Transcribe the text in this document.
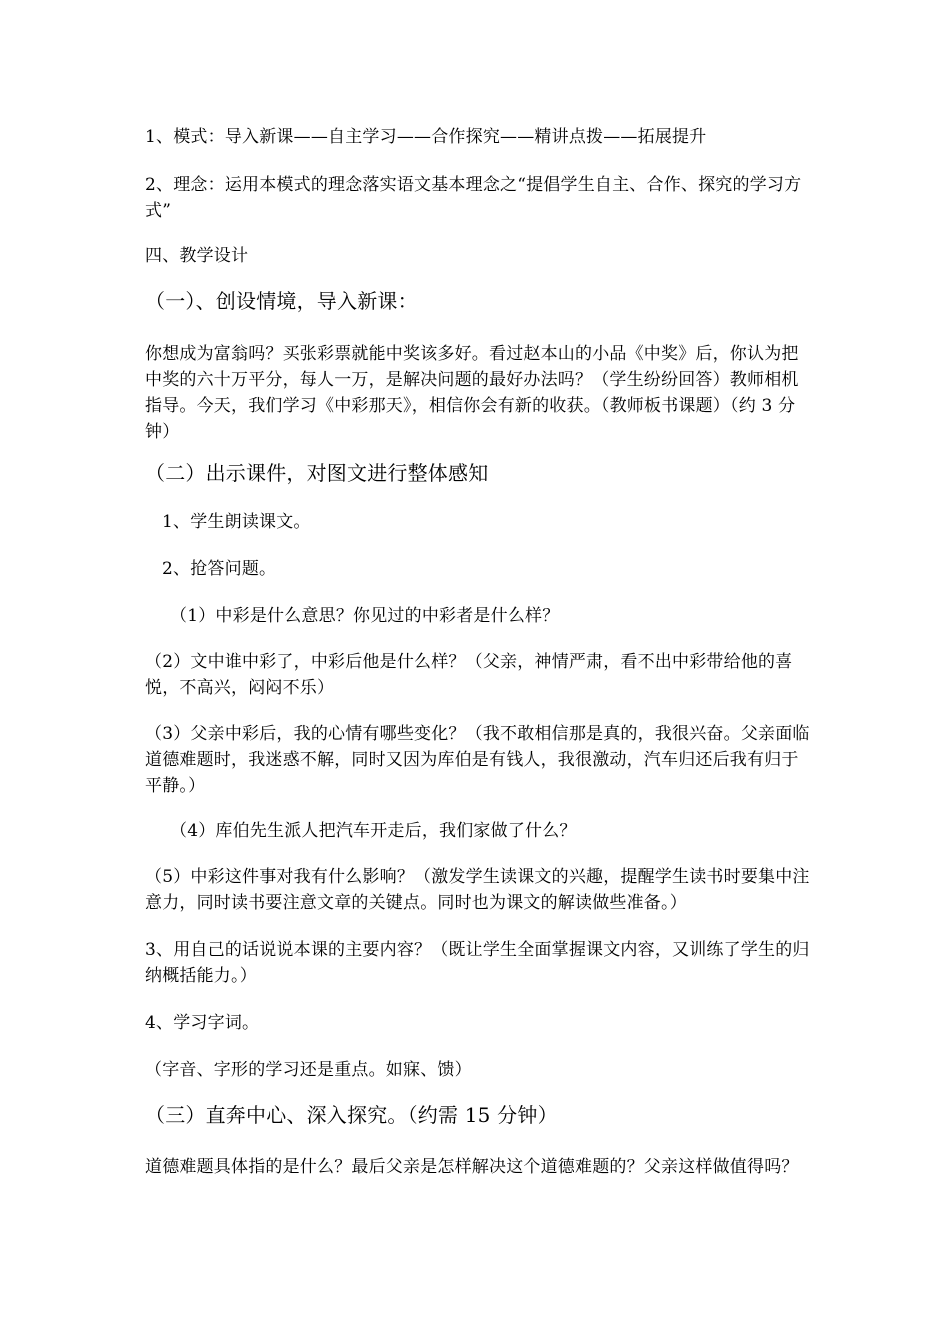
1、模式：导入新课——自主学习——合作探究——精讲点拨——拓展提升
2、理念：运用本模式的理念落实语文基本理念之“提倡学生自主、合作、探究的学习方式”
四、教学设计
（一）、创设情境，导入新课：
你想成为富翁吗？买张彩票就能中奖该多好。看过赵本山的小品《中奖》后，你认为把中奖的六十万平分，每人一万，是解决问题的最好办法吗？（学生纷纷回答）教师相机指导。今天，我们学习《中彩那天》，相信你会有新的收获。（教师板书课题）（约 3 分钟）
（二）出示课件，对图文进行整体感知
1、学生朗读课文。
2、抢答问题。
（1）中彩是什么意思？你见过的中彩者是什么样？
（2）文中谁中彩了，中彩后他是什么样？（父亲，神情严肃，看不出中彩带给他的喜悦，不高兴，闷闷不乐）
（3）父亲中彩后，我的心情有哪些变化？（我不敢相信那是真的，我很兴奋。父亲面临道德难题时，我迷惑不解，同时又因为库伯是有钱人，我很激动，汽车归还后我有归于平静。）
（4）库伯先生派人把汽车开走后，我们家做了什么？
（5）中彩这件事对我有什么影响？（激发学生读课文的兴趣，提醒学生读书时要集中注意力，同时读书要注意文章的关键点。同时也为课文的解读做些准备。）
3、用自己的话说说本课的主要内容？（既让学生全面掌握课文内容，又训练了学生的归纳概括能力。）
4、学习字词。
（字音、字形的学习还是重点。如寐、馈）
（三）直奔中心、深入探究。（约需 15 分钟）
道德难题具体指的是什么？最后父亲是怎样解决这个道德难题的？父亲这样做值得吗？
